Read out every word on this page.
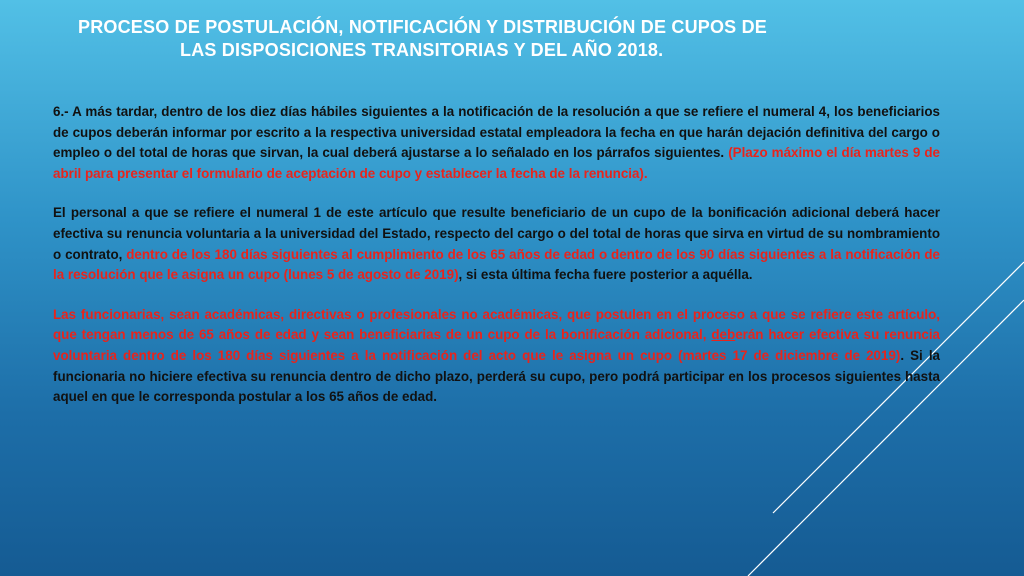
PROCESO DE POSTULACIÓN, NOTIFICACIÓN Y DISTRIBUCIÓN DE CUPOS DE
LAS DISPOSICIONES TRANSITORIAS Y DEL AÑO 2018.

6.- A más tardar, dentro de los diez días hábiles siguientes a la notificación de la resolución a que se refiere el numeral 4, los beneficiarios de cupos deberán informar por escrito a la respectiva universidad estatal empleadora la fecha en que harán dejación definitiva del cargo o empleo o del total de horas que sirvan, la cual deberá ajustarse a lo señalado en los párrafos siguientes. (Plazo máximo el día martes 9 de abril para presentar el formulario de aceptación de cupo y establecer la fecha de la renuncia).

El personal a que se refiere el numeral 1 de este artículo que resulte beneficiario de un cupo de la bonificación adicional deberá hacer efectiva su renuncia voluntaria a la universidad del Estado, respecto del cargo o del total de horas que sirva en virtud de su nombramiento o contrato, dentro de los 180 días siguientes al cumplimiento de los 65 años de edad o dentro de los 90 días siguientes a la notificación de la resolución que le asigna un cupo (lunes 5 de agosto de 2019), si esta última fecha fuere posterior a aquélla.

Las funcionarias, sean académicas, directivas o profesionales no académicas, que postulen en el proceso a que se refiere este artículo, que tengan menos de 65 años de edad y sean beneficiarias de un cupo de la bonificación adicional, deberán hacer efectiva su renuncia voluntaria dentro de los 180 días siguientes a la notificación del acto que le asigna un cupo (martes 17 de diciembre de 2019). Si la funcionaria no hiciere efectiva su renuncia dentro de dicho plazo, perderá su cupo, pero podrá participar en los procesos siguientes hasta aquel en que le corresponda postular a los 65 años de edad.
